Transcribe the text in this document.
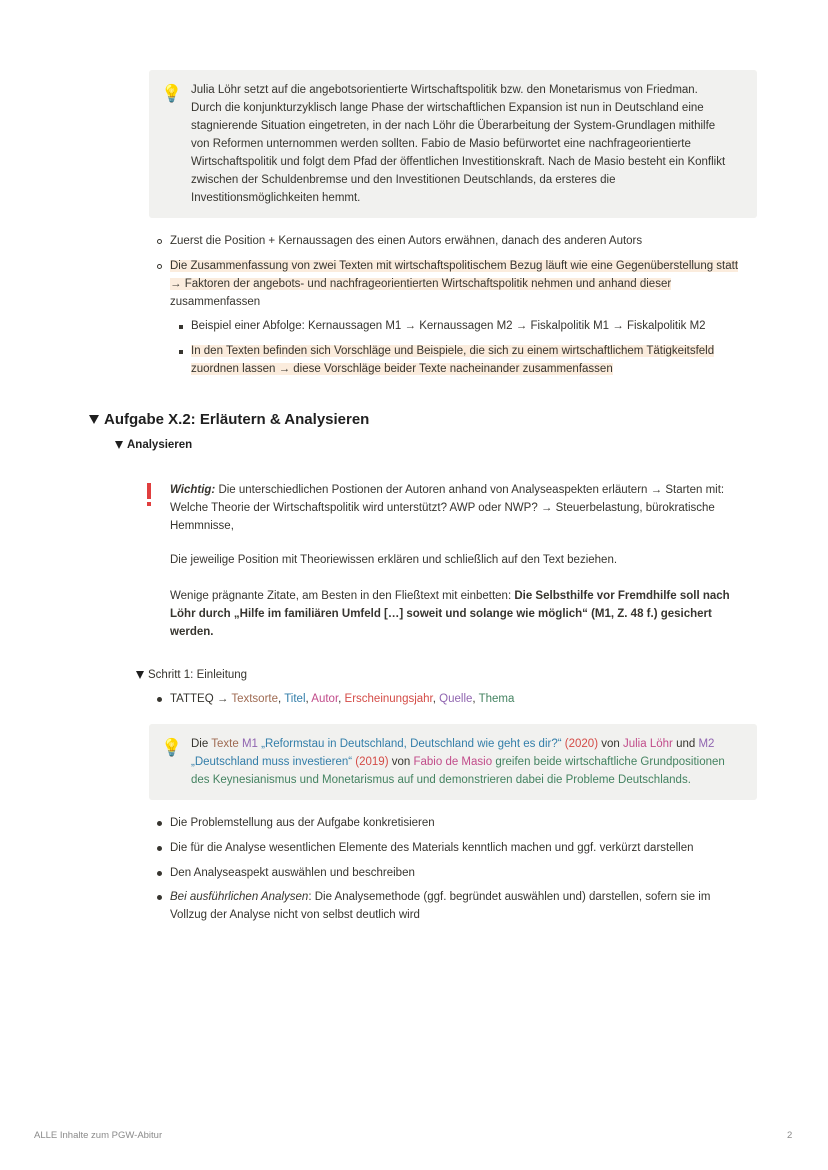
💡 Julia Löhr setzt auf die angebotsorientierte Wirtschaftspolitik bzw. den Monetarismus von Friedman.
Durch die konjunkturzyklisch lange Phase der wirtschaftlichen Expansion ist nun in Deutschland eine
stagnierende Situation eingetreten, in der nach Löhr die Überarbeitung der System-Grundlagen mithilfe
von Reformen unternommen werden sollten. Fabio de Masio befürwortet eine nachfrageorientierte
Wirtschaftspolitik und folgt dem Pfad der öffentlichen Investitionskraft. Nach de Masio besteht ein Konflikt
zwischen der Schuldenbremse und den Investitionen Deutschlands, da ersteres die
Investitionsmöglichkeiten hemmt.
Zuerst die Position + Kernaussagen des einen Autors erwähnen, danach des anderen Autors
Die Zusammenfassung von zwei Texten mit wirtschaftspolitischem Bezug läuft wie eine Gegenüberstellung statt
→ Faktoren der angebots- und nachfrageorientierten Wirtschaftspolitik nehmen und anhand dieser
zusammenfassen
Beispiel einer Abfolge: Kernaussagen M1 → Kernaussagen M2 → Fiskalpolitik M1 → Fiskalpolitik M2
In den Texten befinden sich Vorschläge und Beispiele, die sich zu einem wirtschaftlichem Tätigkeitsfeld
zuordnen lassen → diese Vorschläge beider Texte nacheinander zusammenfassen
Aufgabe X.2: Erläutern & Analysieren
Analysieren
Wichtig: Die unterschiedlichen Postionen der Autoren anhand von Analyseaspekten erläutern → Starten mit:
Welche Theorie der Wirtschaftspolitik wird unterstützt? AWP oder NWP? → Steuerbelastung, bürokratische
Hemmnisse,
Die jeweilige Position mit Theoriewissen erklären und schließlich auf den Text beziehen.
Wenige prägnante Zitate, am Besten in den Fließtext mit einbetten: Die Selbsthilfe vor Fremdhilfe soll nach
Löhr durch „Hilfe im familiären Umfeld […] soweit und solange wie möglich“ (M1, Z. 48 f.) gesichert
werden.
Schritt 1: Einleitung
TATTEQ → Textsorte, Titel, Autor, Erscheinungsjahr, Quelle, Thema
💡 Die Texte M1 „Reformstau in Deutschland, Deutschland wie geht es dir?“ (2020) von Julia Löhr und M2
„Deutschland muss investieren“ (2019) von Fabio de Masio greifen beide wirtschaftliche Grundpositionen
des Keynesianismus und Monetarismus auf und demonstrieren dabei die Probleme Deutschlands.
Die Problemstellung aus der Aufgabe konkretisieren
Die für die Analyse wesentlichen Elemente des Materials kenntlich machen und ggf. verkürzt darstellen
Den Analyseaspekt auswählen und beschreiben
Bei ausführlichen Analysen: Die Analysemethode (ggf. begründet auswählen und) darstellen, sofern sie im
Vollzug der Analyse nicht von selbst deutlich wird
ALLE Inhalte zum PGW-Abitur	2
